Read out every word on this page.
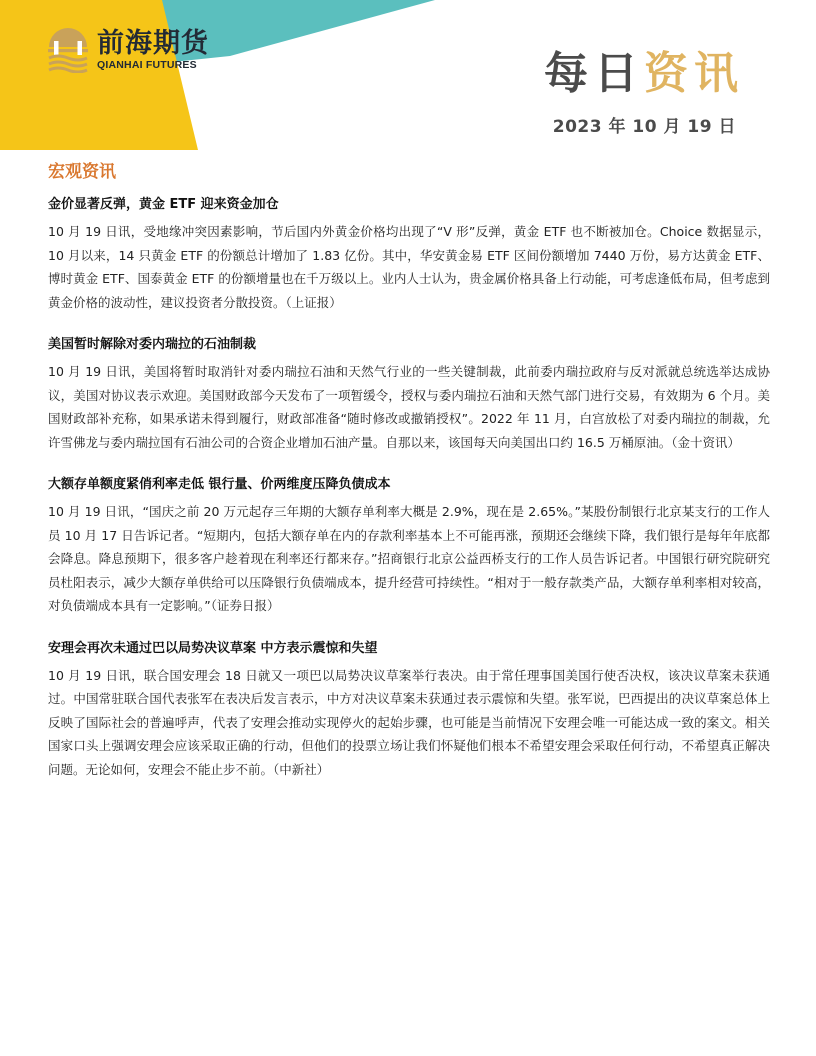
前海期货
QIANHAI FUTURES	每日资讯
2023 年 10 月 19 日
宏观资讯
金价显著反弹，黄金 ETF 迎来资金加仓

10 月 19 日讯，受地缘冲突因素影响，节后国内外黄金价格均出现了“V 形”反弹，黄金 ETF 也不断被加仓。Choice 数据显示，10 月以来，14 只黄金 ETF 的份额总计增加了 1.83 亿份。其中，华安黄金易 ETF 区间份额增加 7440 万份，易方达黄金 ETF、博时黄金 ETF、国泰黄金 ETF 的份额增量也在千万级以上。业内人士认为，贵金属价格具备上行动能，可考虑逢低布局，但考虑到黄金价格的波动性，建议投资者分散投资。（上证报）

美国暂时解除对委内瑞拉的石油制裁

10 月 19 日讯，美国将暂时取消针对委内瑞拉石油和天然气行业的一些关键制裁，此前委内瑞拉政府与反对派就总统选举达成协议，美国对协议表示欢迎。美国财政部今天发布了一项暂缓令，授权与委内瑞拉石油和天然气部门进行交易，有效期为 6 个月。美国财政部补充称，如果承诺未得到履行，财政部准备“随时修改或撤销授权”。2022 年 11 月，白宫放松了对委内瑞拉的制裁，允许雪佛龙与委内瑞拉国有石油公司的合资企业增加石油产量。自那以来，该国每天向美国出口约 16.5 万桶原油。（金十资讯）

大额存单额度紧俏利率走低 银行量、价两维度压降负债成本

10 月 19 日讯，“国庆之前 20 万元起存三年期的大额存单利率大概是 2.9%，现在是 2.65%。”某股份制银行北京某支行的工作人员 10 月 17 日告诉记者。“短期内，包括大额存单在内的存款利率基本上不可能再涨，预期还会继续下降，我们银行是每年年底都会降息。降息预期下，很多客户趁着现在利率还行都来存。”招商银行北京公益西桥支行的工作人员告诉记者。中国银行研究院研究员杜阳表示，减少大额存单供给可以压降银行负债端成本，提升经营可持续性。“相对于一般存款类产品，大额存单利率相对较高，对负债端成本具有一定影响。”（证券日报）

安理会再次未通过巴以局势决议草案 中方表示震惊和失望

10 月 19 日讯，联合国安理会 18 日就又一项巴以局势决议草案举行表决。由于常任理事国美国行使否决权，该决议草案未获通过。中国常驻联合国代表张军在表决后发言表示，中方对决议草案未获通过表示震惊和失望。张军说，巴西提出的决议草案总体上反映了国际社会的普遍呼声，代表了安理会推动实现停火的起始步骤，也可能是当前情况下安理会唯一可能达成一致的案文。相关国家口头上强调安理会应该采取正确的行动，但他们的投票立场让我们怀疑他们根本不希望安理会采取任何行动，不希望真正解决问题。无论如何，安理会不能止步不前。（中新社）
